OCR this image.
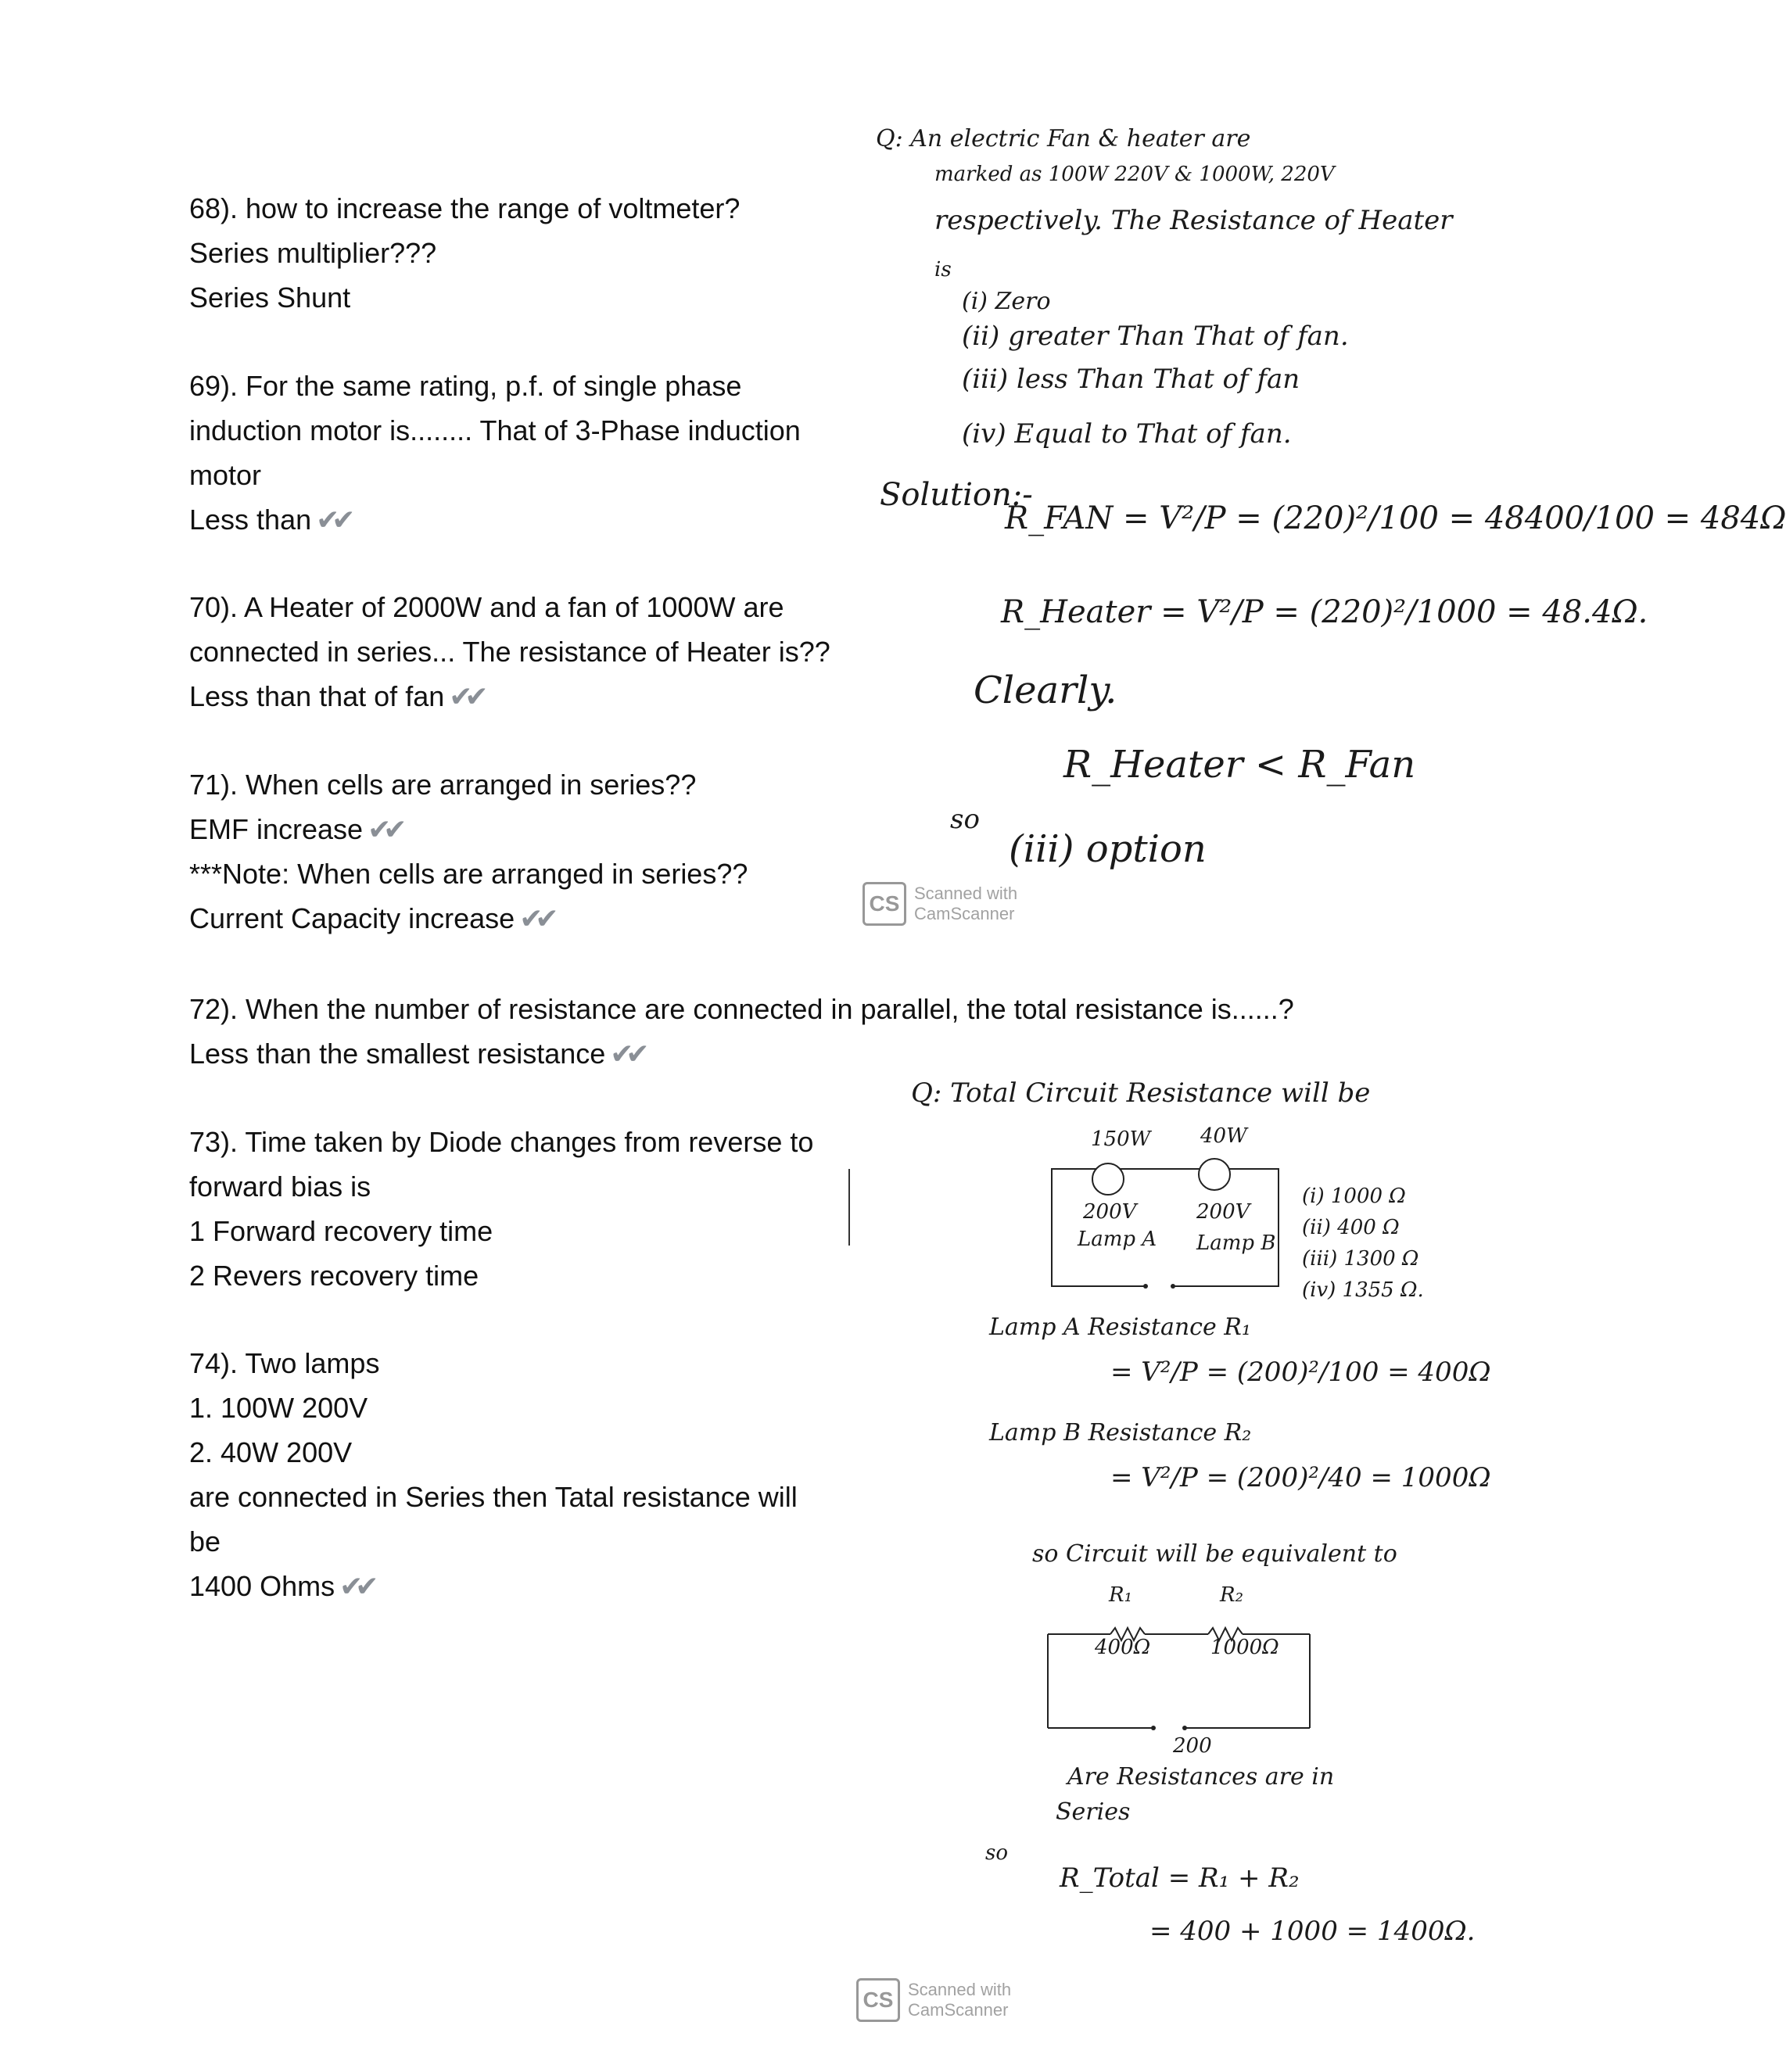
68). how to increase the range of voltmeter?
Series multiplier???
Series Shunt
69). For the same rating, p.f. of single phase
induction motor is........ That of 3-Phase induction
motor
Less than ✔✔
70). A Heater of 2000W and a fan of 1000W are
connected in series... The resistance of Heater is??
Less than that of fan ✔✔
71). When cells are arranged in series??
EMF increase ✔✔
***Note: When cells are arranged in series??
Current Capacity increase ✔✔
72). When the number of resistance are connected in parallel, the total resistance is......?
Less than the smallest resistance ✔✔
73). Time taken by Diode changes from reverse to
forward bias is
1 Forward recovery time
2 Revers recovery time
74). Two lamps
1. 100W 200V
2. 40W 200V
are connected in Series then Tatal resistance will
be
1400 Ohms ✔✔
Q: An electric Fan & heater are
marked as 100W 220V & 1000W, 220V
respectively. The Resistance of Heater
is
(i) Zero
(ii) greater Than That of fan.
(iii) less Than That of fan
(iv) Equal to That of fan.
Solution:-
R_FAN = V²/P = (220)²/100 = 48400/100 = 484Ω
R_Heater = V²/P = (220)²/1000 = 48.4Ω.
Clearly.
R_Heater < R_Fan
so
(iii) option
CS Scanned with
CamScanner
Q: Total Circuit Resistance will be
150W 40W
200V	200V
Lamp A Lamp B
(i) 1000 Ω
(ii) 400 Ω
(iii) 1300 Ω
(iv) 1355 Ω.
Lamp A Resistance R₁
= V²/P = (200)²/100 = 400Ω
Lamp B Resistance R₂
= V²/P = (200)²/40 = 1000Ω
so Circuit will be equivalent to
R₁	R₂
400Ω	1000Ω
200
Are Resistances are in
Series
so
R_Total = R₁ + R₂
= 400 + 1000 = 1400Ω.
CS Scanned with
CamScanner
